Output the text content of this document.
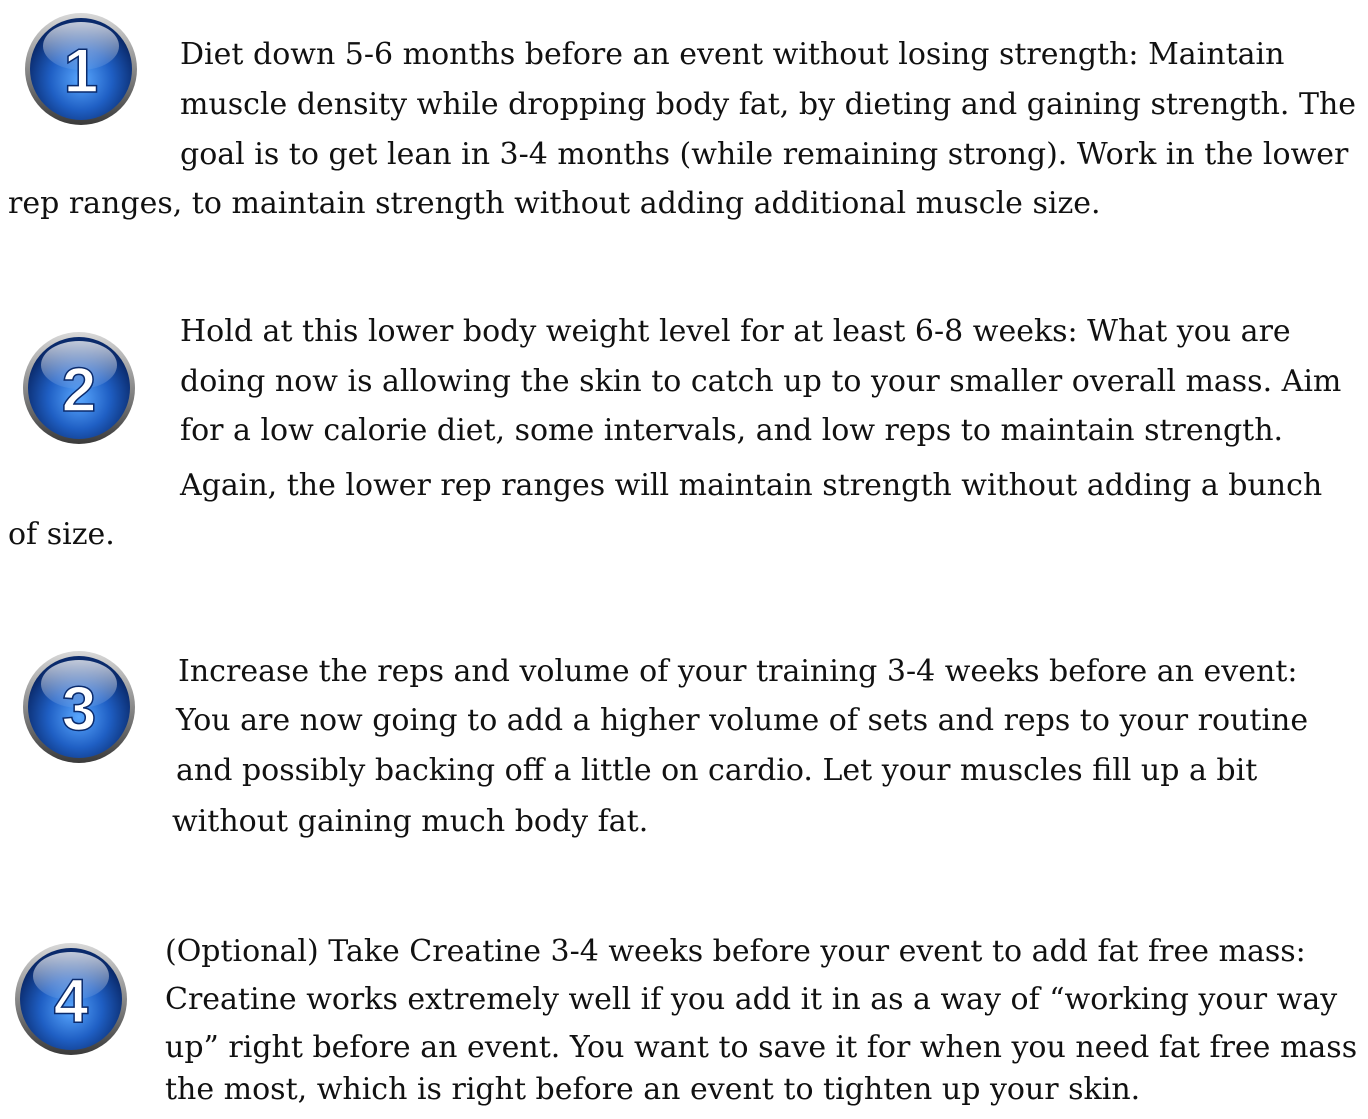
1	Diet down 5-6 months before an event without losing strength: Maintain
muscle density while dropping body fat, by dieting and gaining strength. The
goal is to get lean in 3-4 months (while remaining strong). Work in the lower
rep ranges, to maintain strength without adding additional muscle size.
2
Hold at this lower body weight level for at least 6-8 weeks: What you are
doing now is allowing the skin to catch up to your smaller overall mass. Aim
for a low calorie diet, some intervals, and low reps to maintain strength.
Again, the lower rep ranges will maintain strength without adding a bunch
of size.
3
Increase the reps and volume of your training 3-4 weeks before an event:
You are now going to add a higher volume of sets and reps to your routine
and possibly backing off a little on cardio. Let your muscles fill up a bit
without gaining much body fat.
4
(Optional) Take Creatine 3-4 weeks before your event to add fat free mass:
Creatine works extremely well if you add it in as a way of “working your way
up” right before an event. You want to save it for when you need fat free mass
the most, which is right before an event to tighten up your skin.
